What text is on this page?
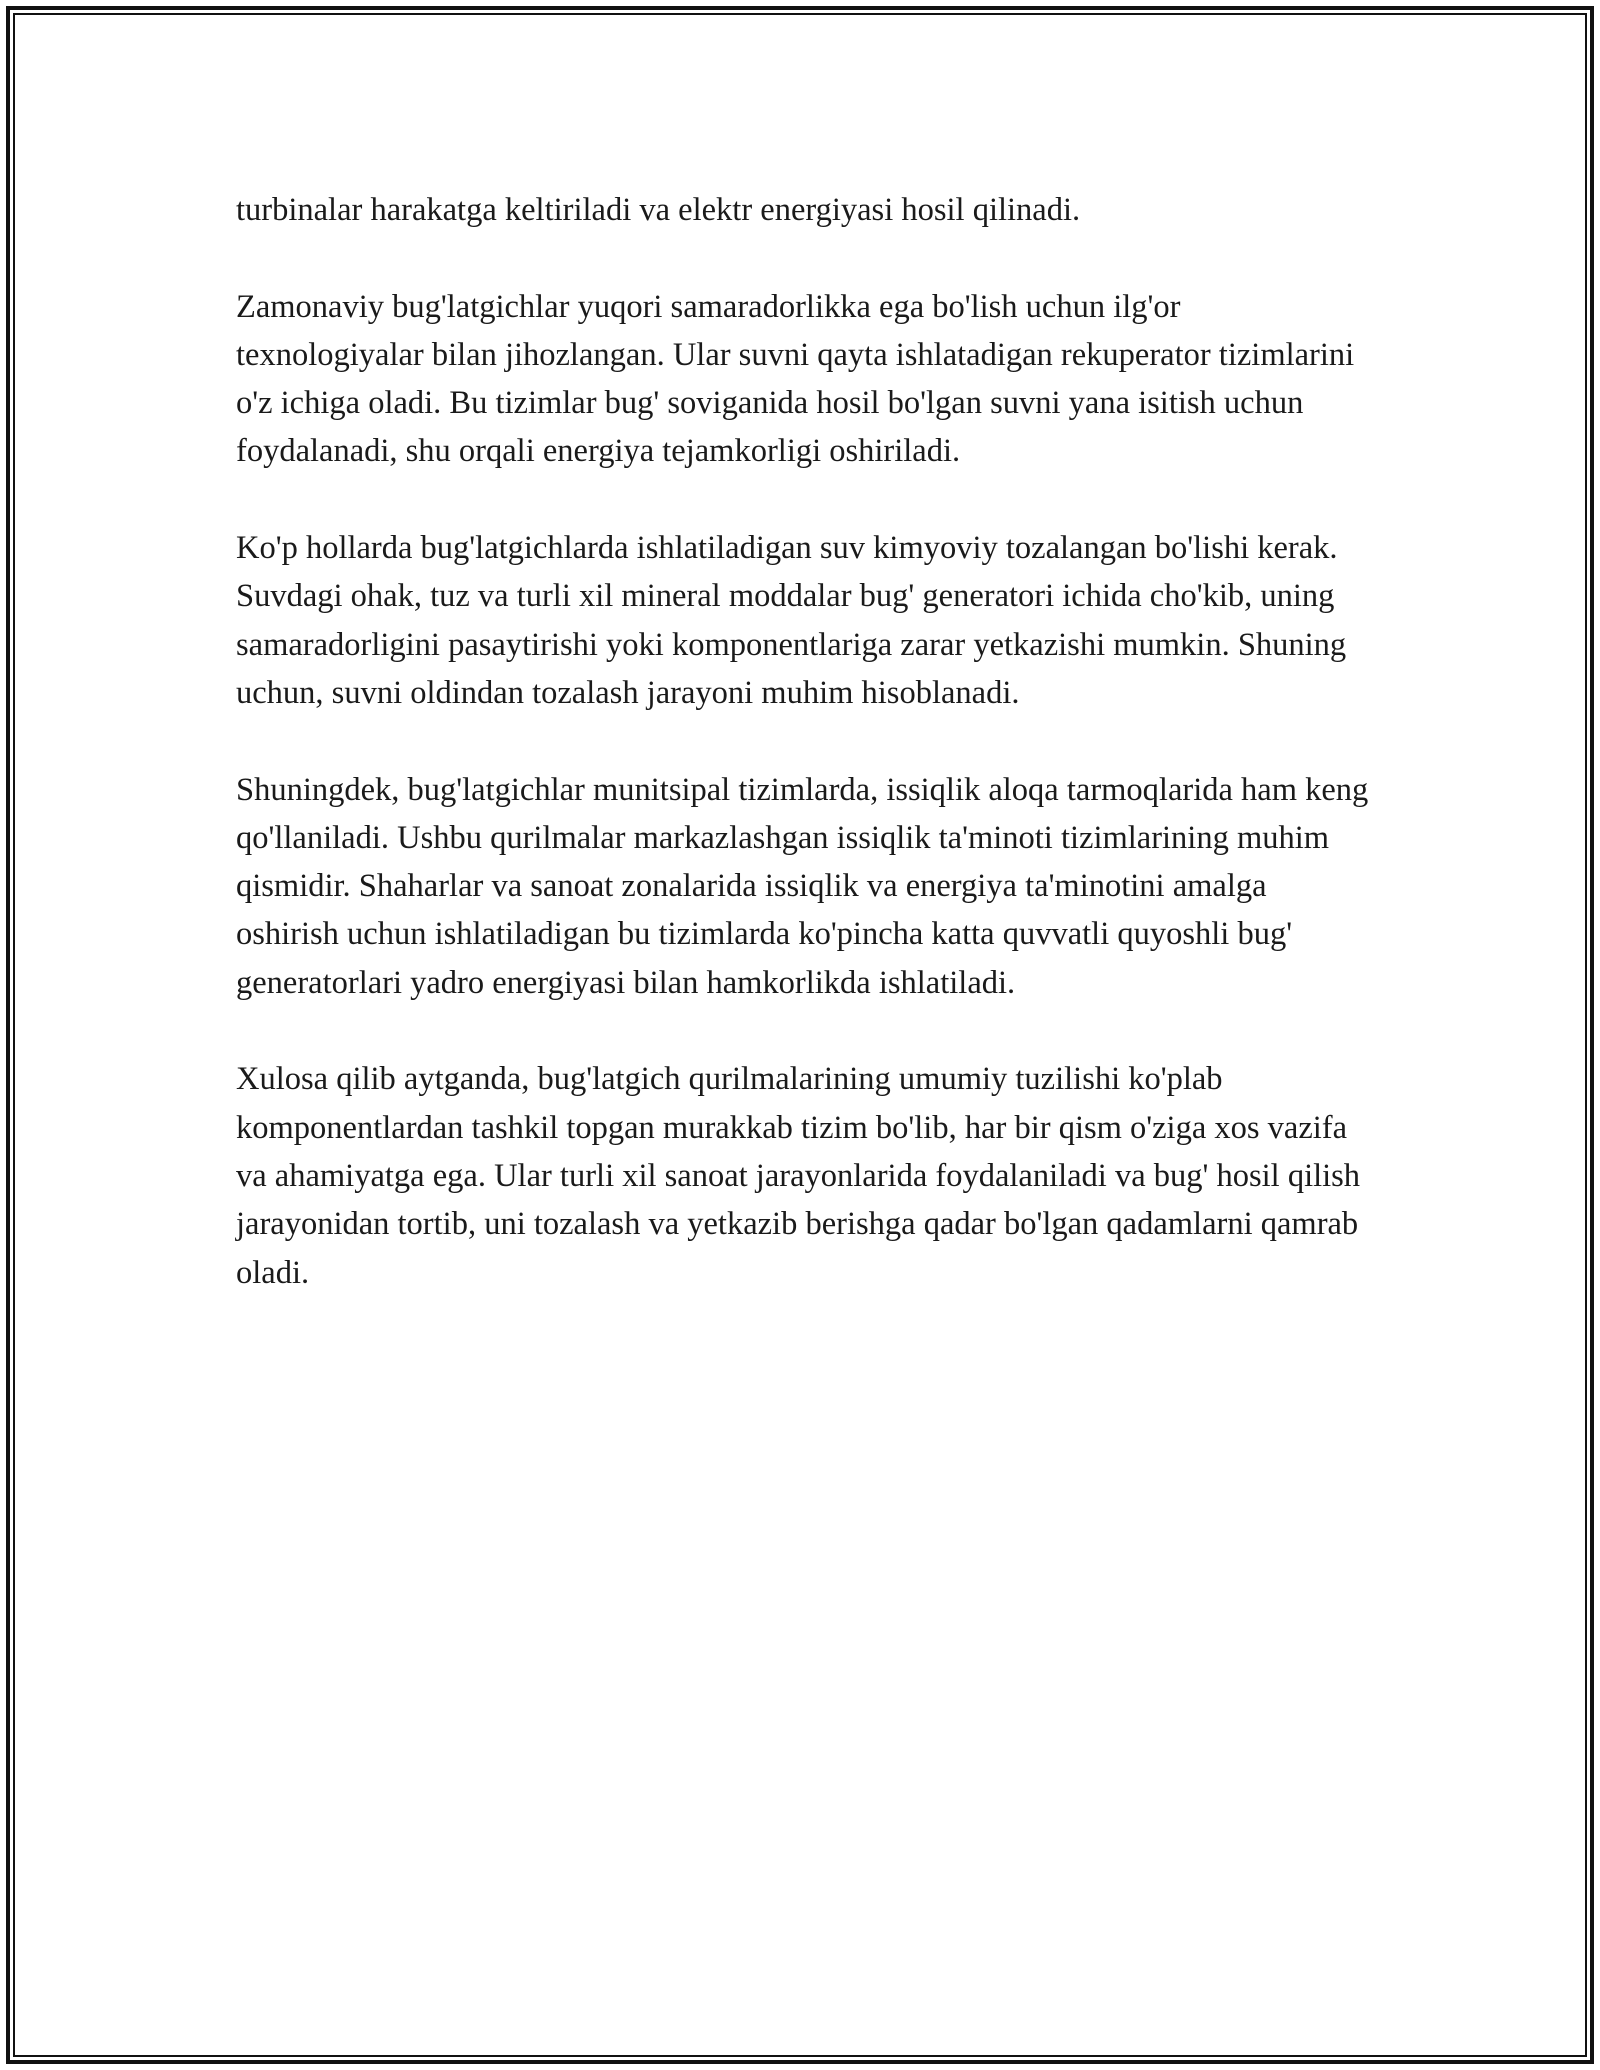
turbinalar harakatga keltiriladi va elektr energiyasi hosil qilinadi.

Zamonaviy bug'latgichlar yuqori samaradorlikka ega bo'lish uchun ilg'or texnologiyalar bilan jihozlangan. Ular suvni qayta ishlatadigan rekuperator tizimlarini o'z ichiga oladi. Bu tizimlar bug' soviganida hosil bo'lgan suvni yana isitish uchun foydalanadi, shu orqali energiya tejamkorligi oshiriladi.

Ko'p hollarda bug'latgichlarda ishlatiladigan suv kimyoviy tozalangan bo'lishi kerak. Suvdagi ohak, tuz va turli xil mineral moddalar bug' generatori ichida cho'kib, uning samaradorligini pasaytirishi yoki komponentlariga zarar yetkazishi mumkin. Shuning uchun, suvni oldindan tozalash jarayoni muhim hisoblanadi.

Shuningdek, bug'latgichlar munitsipal tizimlarda, issiqlik aloqa tarmoqlarida ham keng qo'llaniladi. Ushbu qurilmalar markazlashgan issiqlik ta'minoti tizimlarining muhim qismidir. Shaharlar va sanoat zonalarida issiqlik va energiya ta'minotini amalga oshirish uchun ishlatiladigan bu tizimlarda ko'pincha katta quvvatli quyoshli bug' generatorlari yadro energiyasi bilan hamkorlikda ishlatiladi.

Xulosa qilib aytganda, bug'latgich qurilmalarining umumiy tuzilishi ko'plab komponentlardan tashkil topgan murakkab tizim bo'lib, har bir qism o'ziga xos vazifa va ahamiyatga ega. Ular turli xil sanoat jarayonlarida foydalaniladi va bug' hosil qilish jarayonidan tortib, uni tozalash va yetkazib berishga qadar bo'lgan qadamlarni qamrab oladi.
